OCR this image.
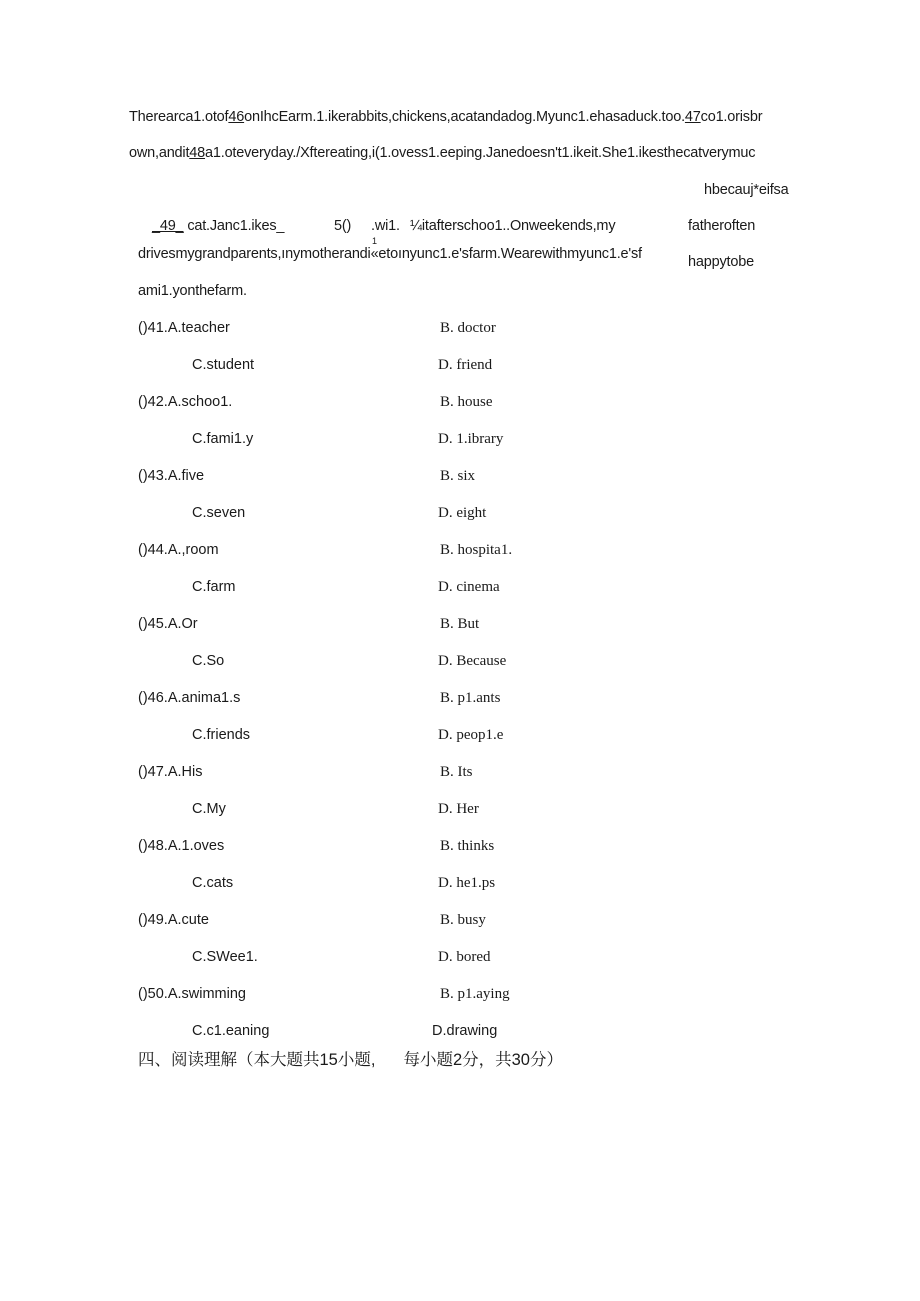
Therearca1.otof46onIhcEarm.1.ikerabbits,chickens,acatandadog.Myunc1.ehasaduck.too.47co1.orisbr
own,andit48a1.oteveryday./Xftereating,i(1.ovess1.eeping.Janedoesn't1.ikeit.She1.ikesthecatverymuc
hbecauj*eifsa
_49_ cat.Janc1.ikes_	5() .wi1.
1
¼itafterschoo1..Onweekends,my	fatheroften
drivesmygrandparents,ınymotherandi«etoınyunc1.e'sfarm.Wearewithmyunc1.e'sf	happytobe
ami1.yonthefarm.
()41.A.teacher	B. doctor
C.student	D. friend
()42.A.schoo1.	B. house
C.fami1.y	D. 1.ibrary
()43.A.five	B. six
C.seven	D. eight
()44.A.,room	B. hospita1.
C.farm	D. cinema
()45.A.Or	B. But
C.So	D. Because
()46.A.anima1.s	B. p1.ants
C.friends	D. peop1.e
()47.A.His	B. Its
C.My	D. Her
()48.A.1.oves	B. thinks
C.cats	D. he1.ps
()49.A.cute	B. busy
C.SWee1.	D. bored
()50.A.swimming	B. p1.aying
C.c1.eaning	D.drawing
四、阅读理解（本大题共15小题, 每小题2分，共30分）
